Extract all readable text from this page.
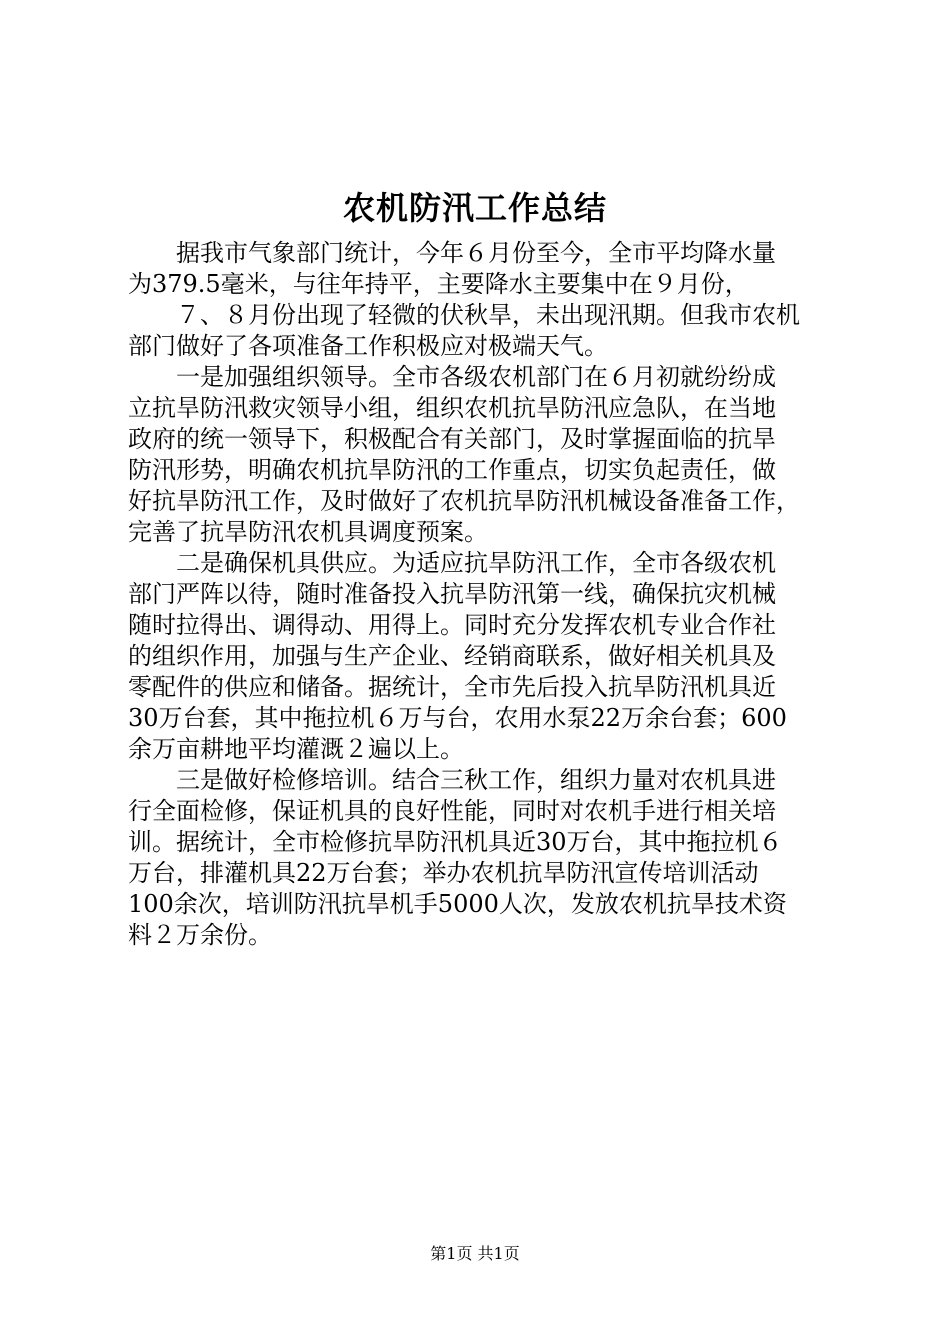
农机防汛工作总结
　　据我市气象部门统计，今年６月份至今，全市平均降水量
为379.5毫米，与往年持平，主要降水主要集中在９月份，
　　７、８月份出现了轻微的伏秋旱，未出现汛期。但我市农机
部门做好了各项准备工作积极应对极端天气。
　　一是加强组织领导。全市各级农机部门在６月初就纷纷成
立抗旱防汛救灾领导小组，组织农机抗旱防汛应急队，在当地
政府的统一领导下，积极配合有关部门，及时掌握面临的抗旱
防汛形势，明确农机抗旱防汛的工作重点，切实负起责任，做
好抗旱防汛工作，及时做好了农机抗旱防汛机械设备准备工作，
完善了抗旱防汛农机具调度预案。
　　二是确保机具供应。为适应抗旱防汛工作，全市各级农机
部门严阵以待，随时准备投入抗旱防汛第一线，确保抗灾机械
随时拉得出、调得动、用得上。同时充分发挥农机专业合作社
的组织作用，加强与生产企业、经销商联系，做好相关机具及
零配件的供应和储备。据统计，全市先后投入抗旱防汛机具近
30万台套，其中拖拉机６万与台，农用水泵22万余台套；600
余万亩耕地平均灌溉２遍以上。
　　三是做好检修培训。结合三秋工作，组织力量对农机具进
行全面检修，保证机具的良好性能，同时对农机手进行相关培
训。据统计，全市检修抗旱防汛机具近30万台，其中拖拉机６
万台，排灌机具22万台套；举办农机抗旱防汛宣传培训活动
100余次，培训防汛抗旱机手5000人次，发放农机抗旱技术资
料２万余份。
第1页 共1页
